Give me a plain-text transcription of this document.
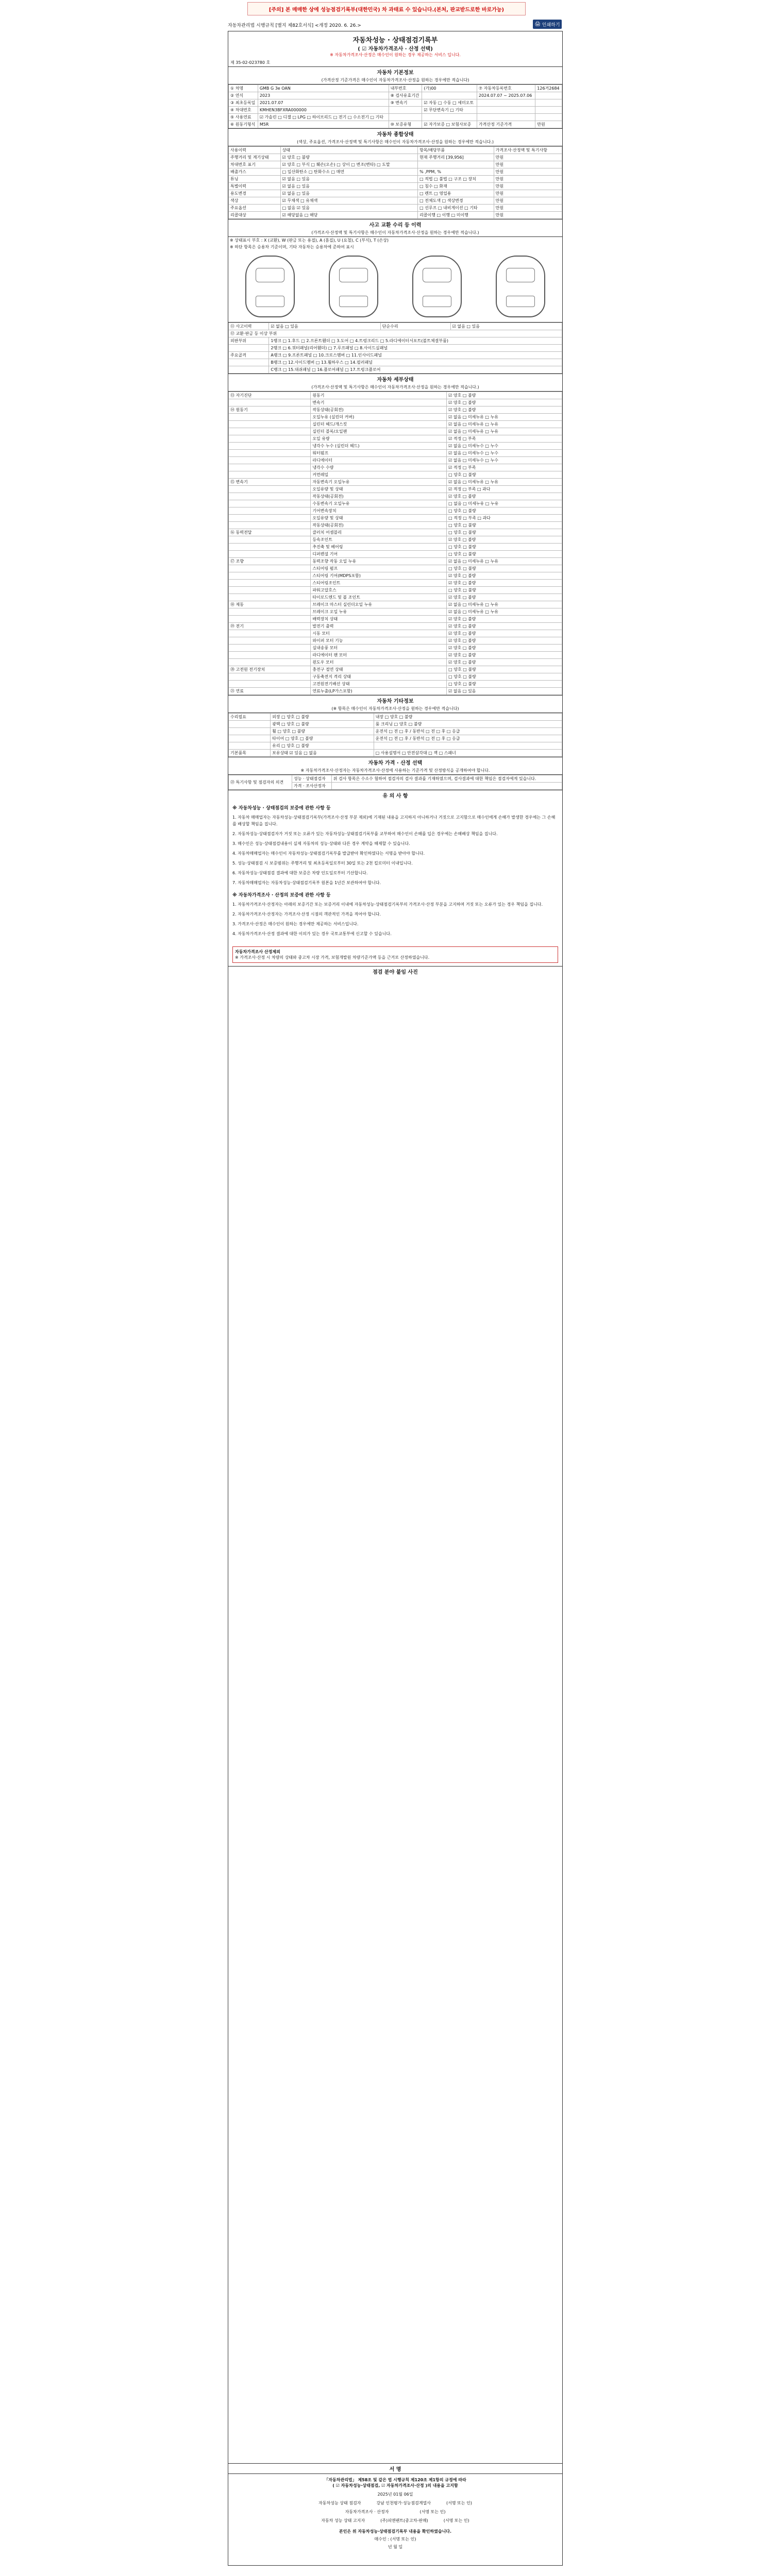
[주의] 본 매매한 상에 성능점검기록부(대한민국) 차 과태료 수 있습니다.(본처, 판교받드로한 바로가능)
자동차관리법 시행규칙 [별지 제82호서식] <개정 2020. 6. 26.>	🖨 인쇄하기
자동차성능 · 상태점검기록부
( ☑ 자동차가격조사 · 산정 선택)
※ 자동차가격조사·산정은 매수인이 원하는 경우 제공하는 서비스 입니다.
제 35-02-023780 호
자동차 기본정보
(가격산정 기준가격은 매수인이 자동차가격조사·산정을 원하는 경우에만 적습니다)
① 차명	GMB G 3e OAN	내부번호	(가)00	⑦ 자동차등록번호	126거2684
② 연식	2023	⑧ 검사유효기간		2024.07.07 ~ 2025.07.06	
③ 최초등록일	2021.07.07	⑨ 변속기	☑ 자동 □ 수동 □ 세미오토		
④ 차대번호	KMHEN3BFXRA000000		☑ 무단변속기 □ 기타		
⑤ 사용연료	☑ 가솔린 □ 디젤 □ LPG □ 하이브리드 □ 전기 □ 수소전기 □ 기타				
⑥ 원동기형식	M5R	⑩ 보증유형	☑ 자가보증 □ 보험사보증	가격산정 기준가격	만원
자동차 종합상태
(색상, 주요옵션, 가격조사·산정액 및 특기사항은 매수인이 자동차가격조사·산정을 원하는 경우에만 적습니다.)
사용이력	상태	항목/해당부품	가격조사·산정액 및 특기사항
주행거리 및 계기상태	☑ 양호 □ 불량	현재 주행거리 [39,956]	만원
차대번호 표기	☑ 양호 □ 부식 □ 훼손(오손) □ 상이 □ 변조(변타) □ 도말		만원
배출가스	□ 일산화탄소 □ 탄화수소 □ 매연	% ,PPM, %	만원
튜닝	☑ 없음 □ 있음	□ 적법 □ 불법 □ 구조 □ 장치	만원
특별이력	☑ 없음 □ 있음	□ 침수 □ 화재	만원
용도변경	☑ 없음 □ 있음	□ 렌트 □ 영업용	만원
색상	☑ 무채색 □ 유채색	□ 전체도색 □ 색상변경	만원
주요옵션	□ 없음 ☑ 있음	□ 선루프 □ 내비게이션 □ 기타	만원
리콜대상	☑ 해당없음 □ 해당	리콜이행 □ 이행 □ 미이행	만원
사고 교환 수리 등 이력
(가격조사·산정액 및 특기사항은 매수인이 자동차가격조사·산정을 원하는 경우에만 적습니다.)
※ 상태표시 부호 : X (교환), W (판금 또는 용접), A (흠집), U (요철), C (부식), T (손상)
※ 하단 항목은 승용차 기준이며, 기타 자동차는 승용차에 준하여 표시
⑪ 사고이력	☑ 없음 □ 있음	단순수리	☑ 없음 □ 있음
⑫ 교환·판금 등 이상 부위			
외판부위	1랭크 □ 1.후드 □ 2.프론트휀더 □ 3.도어 □ 4.트렁크리드 □ 5.라디에이터서포트(볼트체결부품)		
	2랭크 □ 6.쿼터패널(리어휀더) □ 7.루프패널 □ 8.사이드실패널		
주요골격	A랭크 □ 9.프론트패널 □ 10.크로스멤버 □ 11.인사이드패널		
	B랭크 □ 12.사이드멤버 □ 13.휠하우스 □ 14.필러패널		
	C랭크 □ 15.대쉬패널 □ 16.플로어패널 □ 17.트렁크플로어		
자동차 세부상태
(가격조사·산정액 및 특기사항은 매수인이 자동차가격조사·산정을 원하는 경우에만 적습니다.)
⑬ 자기진단	원동기	☑ 양호 □ 불량
	변속기	☑ 양호 □ 불량
⑭ 원동기	작동상태(공회전)	☑ 양호 □ 불량
	오일누유 (실린더 커버)	☑ 없음 □ 미세누유 □ 누유
	실린더 헤드/개스킷	☑ 없음 □ 미세누유 □ 누유
	실린더 블록/오일팬	☑ 없음 □ 미세누유 □ 누유
	오일 유량	☑ 적정 □ 부족
	냉각수 누수 (실린더 헤드)	☑ 없음 □ 미세누수 □ 누수
	워터펌프	☑ 없음 □ 미세누수 □ 누수
	라디에이터	☑ 없음 □ 미세누수 □ 누수
	냉각수 수량	☑ 적정 □ 부족
	커먼레일	□ 양호 □ 불량
⑮ 변속기	자동변속기 오일누유	☑ 없음 □ 미세누유 □ 누유
	오일유량 및 상태	☑ 적정 □ 부족 □ 과다
	작동상태(공회전)	☑ 양호 □ 불량
	수동변속기 오일누유	□ 없음 □ 미세누유 □ 누유
	기어변속장치	□ 양호 □ 불량
	오일유량 및 상태	□ 적정 □ 부족 □ 과다
	작동상태(공회전)	□ 양호 □ 불량
⑯ 동력전달	클러치 어셈블리	□ 양호 □ 불량
	등속조인트	☑ 양호 □ 불량
	추진축 및 베어링	□ 양호 □ 불량
	디퍼렌셜 기어	□ 양호 □ 불량
⑰ 조향	동력조향 작동 오일 누유	☑ 없음 □ 미세누유 □ 누유
	스티어링 펌프	□ 양호 □ 불량
	스티어링 기어(MDPS포함)	☑ 양호 □ 불량
	스티어링조인트	☑ 양호 □ 불량
	파워고압호스	□ 양호 □ 불량
	타이로드엔드 및 볼 조인트	☑ 양호 □ 불량
⑱ 제동	브레이크 마스터 실린더오일 누유	☑ 없음 □ 미세누유 □ 누유
	브레이크 오일 누유	☑ 없음 □ 미세누유 □ 누유
	배력장치 상태	☑ 양호 □ 불량
⑲ 전기	발전기 출력	☑ 양호 □ 불량
	시동 모터	☑ 양호 □ 불량
	와이퍼 모터 기능	☑ 양호 □ 불량
	실내송풍 모터	☑ 양호 □ 불량
	라디에이터 팬 모터	☑ 양호 □ 불량
	윈도우 모터	☑ 양호 □ 불량
⑳ 고전원 전기장치	충전구 절연 상태	□ 양호 □ 불량
	구동축전지 격리 상태	□ 양호 □ 불량
	고전원전기배선 상태	□ 양호 □ 불량
㉑ 연료	연료누출(LP가스포함)	☑ 없음 □ 있음
자동차 기타정보
(※ 항목은 매수인이 자동차가격조사·산정을 원하는 경우에만 적습니다)
수리필요	외장 □ 양호 □ 불량	내장 □ 양호 □ 불량
	광택 □ 양호 □ 불량	룸 크리닝 □ 양호 □ 불량
	휠 □ 양호 □ 불량	운전석 □ 전 □ 후 / 동반석 □ 전 □ 후 □ 응급
	타이어 □ 양호 □ 불량	운전석 □ 전 □ 후 / 동반석 □ 전 □ 후 □ 응급
	유리 □ 양호 □ 불량	
기본품목	보유상태 ☑ 있음 □ 없음	□ 사용설명서 □ 안전삼각대 □ 잭 □ 스패너
자동차 가격 · 산정 선택
※ 자동차가격조사·산정자는 자동차가격조사·산정에 사용하는 기준가격 및 산정방식을 공개하여야 합니다.
㉒ 특기사항 및 점검자의 의견	성능 · 상태점검자	위 검사 항목은 수소수 험하여 점검자의 검사 결과를 기재하였으며, 검사결과에 대한 책임은 점검자에게 있습니다.
	가격 · 조사산정자	
유 의 사 항
※ 자동차성능 · 상태점검의 보증에 관한 사항 등
1. 자동차 매매업자는 자동차성능·상태점검기록부(가격조사·산정 부분 제외)에 기재된 내용을 고지하지 아니하거나 거짓으로 고지함으로 매수인에게 손해가 발생한 경우에는 그 손해를 배상할 책임을 집니다.
2. 자동차성능·상태점검자가 거짓 또는 오류가 있는 자동차성능·상태점검기록부를 교부하여 매수인이 손해를 입은 경우에는 손해배상 책임을 집니다.
3. 매수인은 성능·상태점검내용이 실제 자동차의 성능·상태와 다른 경우 계약을 해제할 수 있습니다.
4. 자동차매매업자는 매수인이 자동차성능·상태점검기록부를 발급받아 확인하였다는 서명을 받아야 합니다.
5. 성능·상태점검 시 보증범위는 주행거리 및 최초등록일로부터 30일 또는 2천 킬로미터 이내입니다.
6. 자동차성능·상태점검 결과에 대한 보증은 차량 인도일로부터 기산합니다.
7. 자동차매매업자는 자동차성능·상태점검기록부 원본을 1년간 보관하여야 합니다.
※ 자동차가격조사 · 산정의 보증에 관한 사항 등
1. 자동차가격조사·산정자는 아래의 보증기간 또는 보증거리 이내에 자동차성능·상태점검기록부의 가격조사·산정 부분을 고지하며 거짓 또는 오류가 있는 경우 책임을 집니다.
2. 자동차가격조사·산정자는 가격조사·산정 시점의 객관적인 가격을 적어야 합니다.
3. 가격조사·산정은 매수인이 원하는 경우에만 제공하는 서비스입니다.
4. 자동차가격조사·산정 결과에 대한 이의가 있는 경우 국토교통부에 신고할 수 있습니다.
자동차가격조사 산정제외
※ 가격조사·산정 시 차량의 상태와 중고차 시장 가격, 보험개발원 차량기준가액 등을 근거로 산정하였습니다.
점검 분야 붙임 사진
서 명
「자동차관리법」 제58조 및 같은 법 시행규칙 제120조 제1항의 규정에 따라
( ☑ 자동차성능·상태점검, ☑ 자동차가격조사·산정 )의 내용을 고지함
2025년 01월 06일
자동차성능 상태 점검자	강남 인천평가·성능점검계열사	(서명 또는 인)
자동차가격조사 · 산정자	(서명 또는 인)
자동차 성능 상태 고지자	(주)피앤랜트(중고차-판매)	(서명 또는 인)
본인은 위 자동차성능·상태점검기록부 내용을 확인하였습니다.
매수인 : (서명 또는 인)
년 월 일
